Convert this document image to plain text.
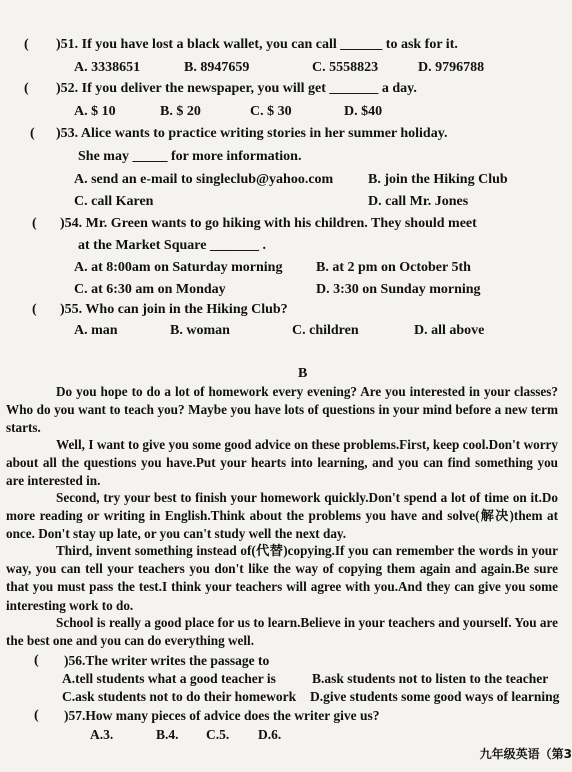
( )51. If you have lost a black wallet, you can call ______ to ask for it.
A. 3338651	B. 8947659	C. 5558823	D. 9796788
( )52. If you deliver the newspaper, you will get _______ a day.
A. $ 10	B. $ 20	C. $ 30	D. $40
( )53. Alice wants to practice writing stories in her summer holiday.
She may _____ for more information.
A. send an e-mail to singleclub@yahoo.com B. join the Hiking Club
C. call Karen	D. call Mr. Jones
( )54. Mr. Green wants to go hiking with his children. They should meet
at the Market Square _______ .
A. at 8:00am on Saturday morning B. at 2 pm on October 5th
C. at 6:30 am on Monday	D. 3:30 on Sunday morning
( )55. Who can join in the Hiking Club?
A. man	B. woman	C. children	D. all above
B
Do you hope to do a lot of homework every evening? Are you interested in your classes? Who do you want to teach you? Maybe you have lots of questions in your mind before a new term starts.
Well, I want to give you some good advice on these problems.First, keep cool.Don't worry about all the questions you have.Put your hearts into learning, and you can find something you are interested in.
Second, try your best to finish your homework quickly.Don't spend a lot of time on it.Do more reading or writing in English.Think about the problems you have and solve(解决)them at once. Don't stay up late, or you can't study well the next day.
Third, invent something instead of(代替)copying.If you can remember the words in your way, you can tell your teachers you don't like the way of copying them again and again.Be sure that you must pass the test.I think your teachers will agree with you.And they can give you some interesting work to do.
School is really a good place for us to learn.Believe in your teachers and yourself. You are the best one and you can do everything well.
( )56.The writer writes the passage to
A.tell students what a good teacher is	B.ask students not to listen to the teacher
C.ask students not to do their homework D.give students some good ways of learning
( )57.How many pieces of advice does the writer give us?
A.3.	B.4. C.5. D.6.
九年级英语（第3
